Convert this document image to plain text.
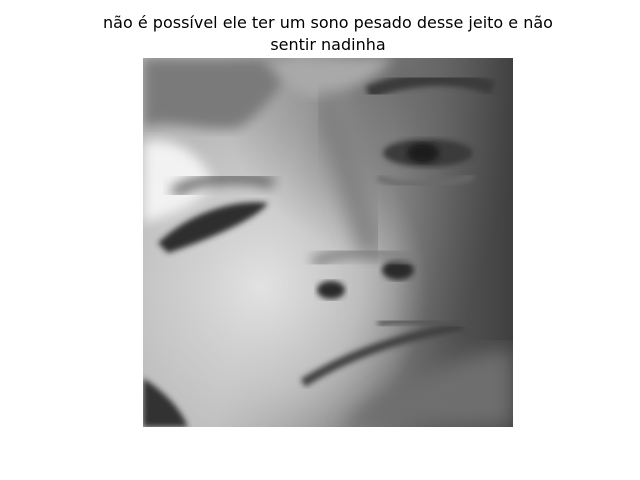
não é possível ele ter um sono pesado desse jeito e não
sentir nadinha
